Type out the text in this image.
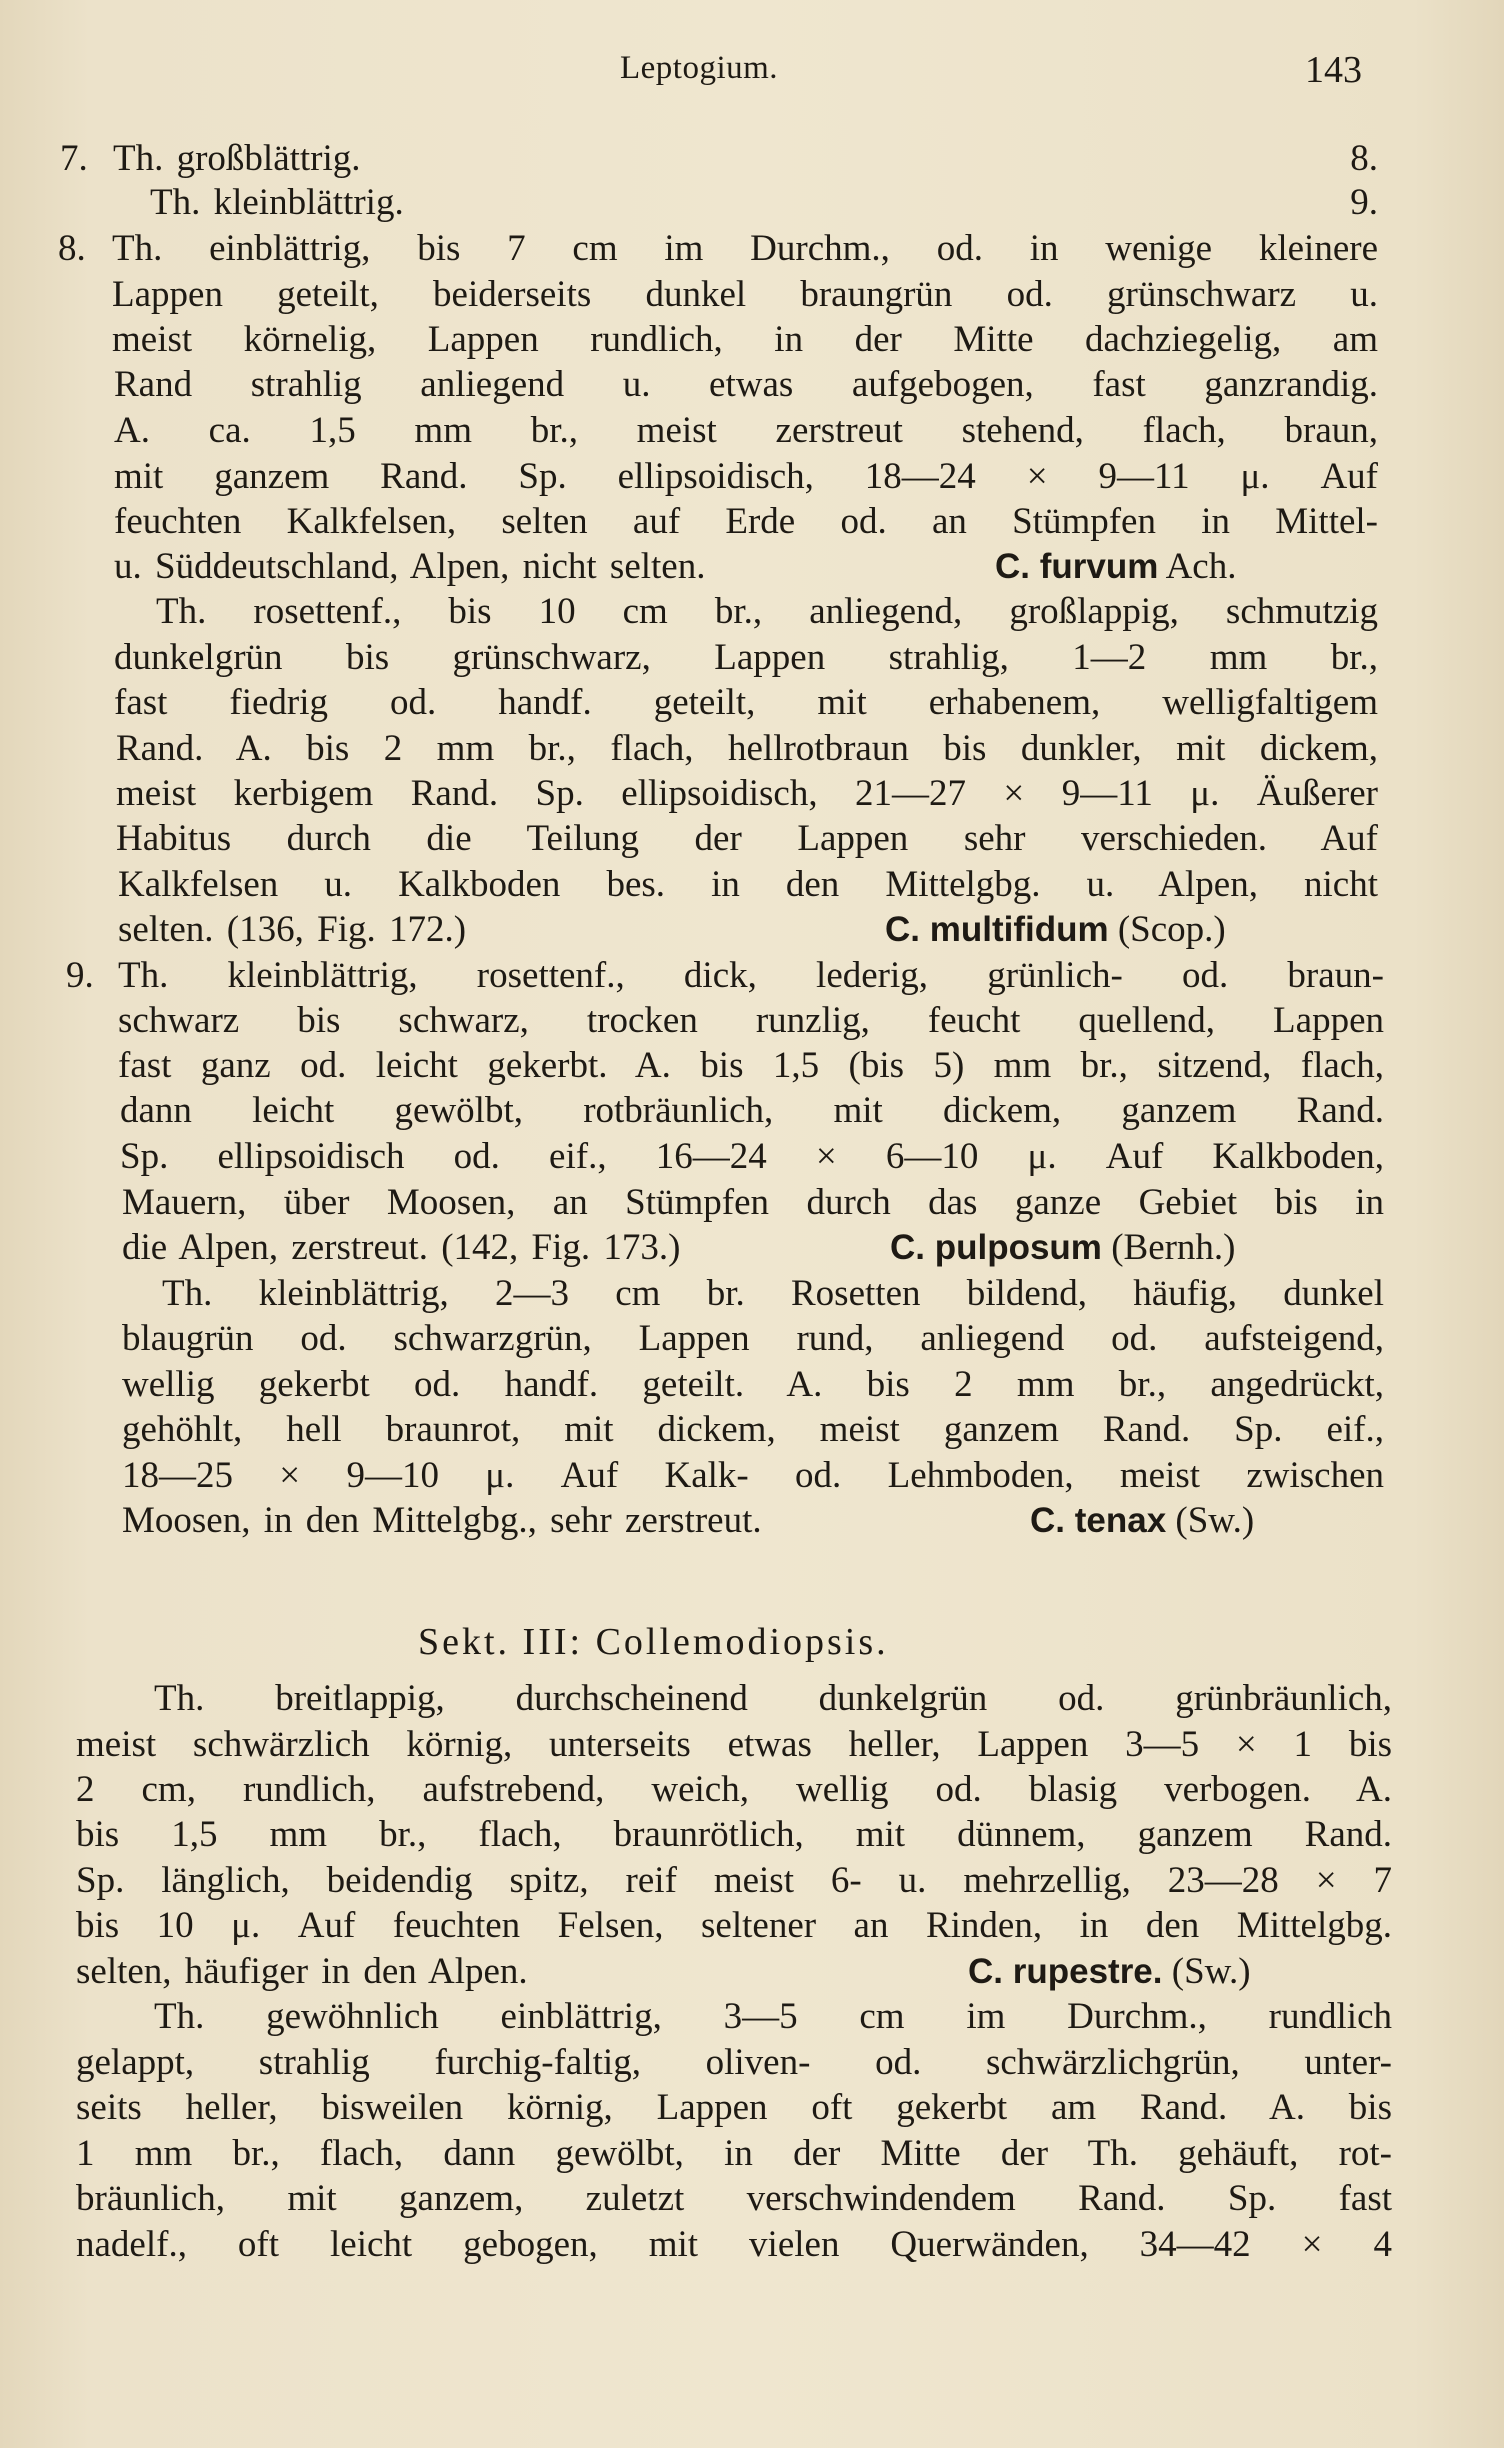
Leptogium.	143
7. Th. großblättrig.	8.
Th. kleinblättrig.	9.
8. Th. einblättrig, bis 7 cm im Durchm., od. in wenige kleinere
Lappen geteilt, beiderseits dunkel braungrün od. grünschwarz u.
meist körnelig, Lappen rundlich, in der Mitte dachziegelig, am
Rand strahlig anliegend u. etwas aufgebogen, fast ganzrandig.
A. ca. 1,5 mm br., meist zerstreut stehend, flach, braun,
mit ganzem Rand. Sp. ellipsoidisch, 18—24 × 9—11 μ. Auf
feuchten Kalkfelsen, selten auf Erde od. an Stümpfen in Mittel-
u. Süddeutschland, Alpen, nicht selten.	C. furvum Ach.
Th. rosettenf., bis 10 cm br., anliegend, großlappig, schmutzig
dunkelgrün bis grünschwarz, Lappen strahlig, 1—2 mm br.,
fast fiedrig od. handf. geteilt, mit erhabenem, welligfaltigem
Rand. A. bis 2 mm br., flach, hellrotbraun bis dunkler, mit dickem,
meist kerbigem Rand. Sp. ellipsoidisch, 21—27 × 9—11 μ. Äußerer
Habitus durch die Teilung der Lappen sehr verschieden. Auf
Kalkfelsen u. Kalkboden bes. in den Mittelgbg. u. Alpen, nicht
selten. (136, Fig. 172.)	C. multifidum (Scop.)
9. Th. kleinblättrig, rosettenf., dick, lederig, grünlich- od. braun-
schwarz bis schwarz, trocken runzlig, feucht quellend, Lappen
fast ganz od. leicht gekerbt. A. bis 1,5 (bis 5) mm br., sitzend, flach,
dann leicht gewölbt, rotbräunlich, mit dickem, ganzem Rand.
Sp. ellipsoidisch od. eif., 16—24 × 6—10 μ. Auf Kalkboden,
Mauern, über Moosen, an Stümpfen durch das ganze Gebiet bis in
die Alpen, zerstreut. (142, Fig. 173.)	C. pulposum (Bernh.)
Th. kleinblättrig, 2—3 cm br. Rosetten bildend, häufig, dunkel
blaugrün od. schwarzgrün, Lappen rund, anliegend od. aufsteigend,
wellig gekerbt od. handf. geteilt. A. bis 2 mm br., angedrückt,
gehöhlt, hell braunrot, mit dickem, meist ganzem Rand. Sp. eif.,
18—25 × 9—10 μ. Auf Kalk- od. Lehmboden, meist zwischen
Moosen, in den Mittelgbg., sehr zerstreut.	C. tenax (Sw.)
Sekt. III: Collemodiopsis.
Th. breitlappig, durchscheinend dunkelgrün od. grünbräunlich,
meist schwärzlich körnig, unterseits etwas heller, Lappen 3—5 × 1 bis
2 cm, rundlich, aufstrebend, weich, wellig od. blasig verbogen. A.
bis 1,5 mm br., flach, braunrötlich, mit dünnem, ganzem Rand.
Sp. länglich, beidendig spitz, reif meist 6- u. mehrzellig, 23—28 × 7
bis 10 μ. Auf feuchten Felsen, seltener an Rinden, in den Mittelgbg.
selten, häufiger in den Alpen.	C. rupestre. (Sw.)
Th. gewöhnlich einblättrig, 3—5 cm im Durchm., rundlich
gelappt, strahlig furchig-faltig, oliven- od. schwärzlichgrün, unter-
seits heller, bisweilen körnig, Lappen oft gekerbt am Rand. A. bis
1 mm br., flach, dann gewölbt, in der Mitte der Th. gehäuft, rot-
bräunlich, mit ganzem, zuletzt verschwindendem Rand. Sp. fast
nadelf., oft leicht gebogen, mit vielen Querwänden, 34—42 × 4
